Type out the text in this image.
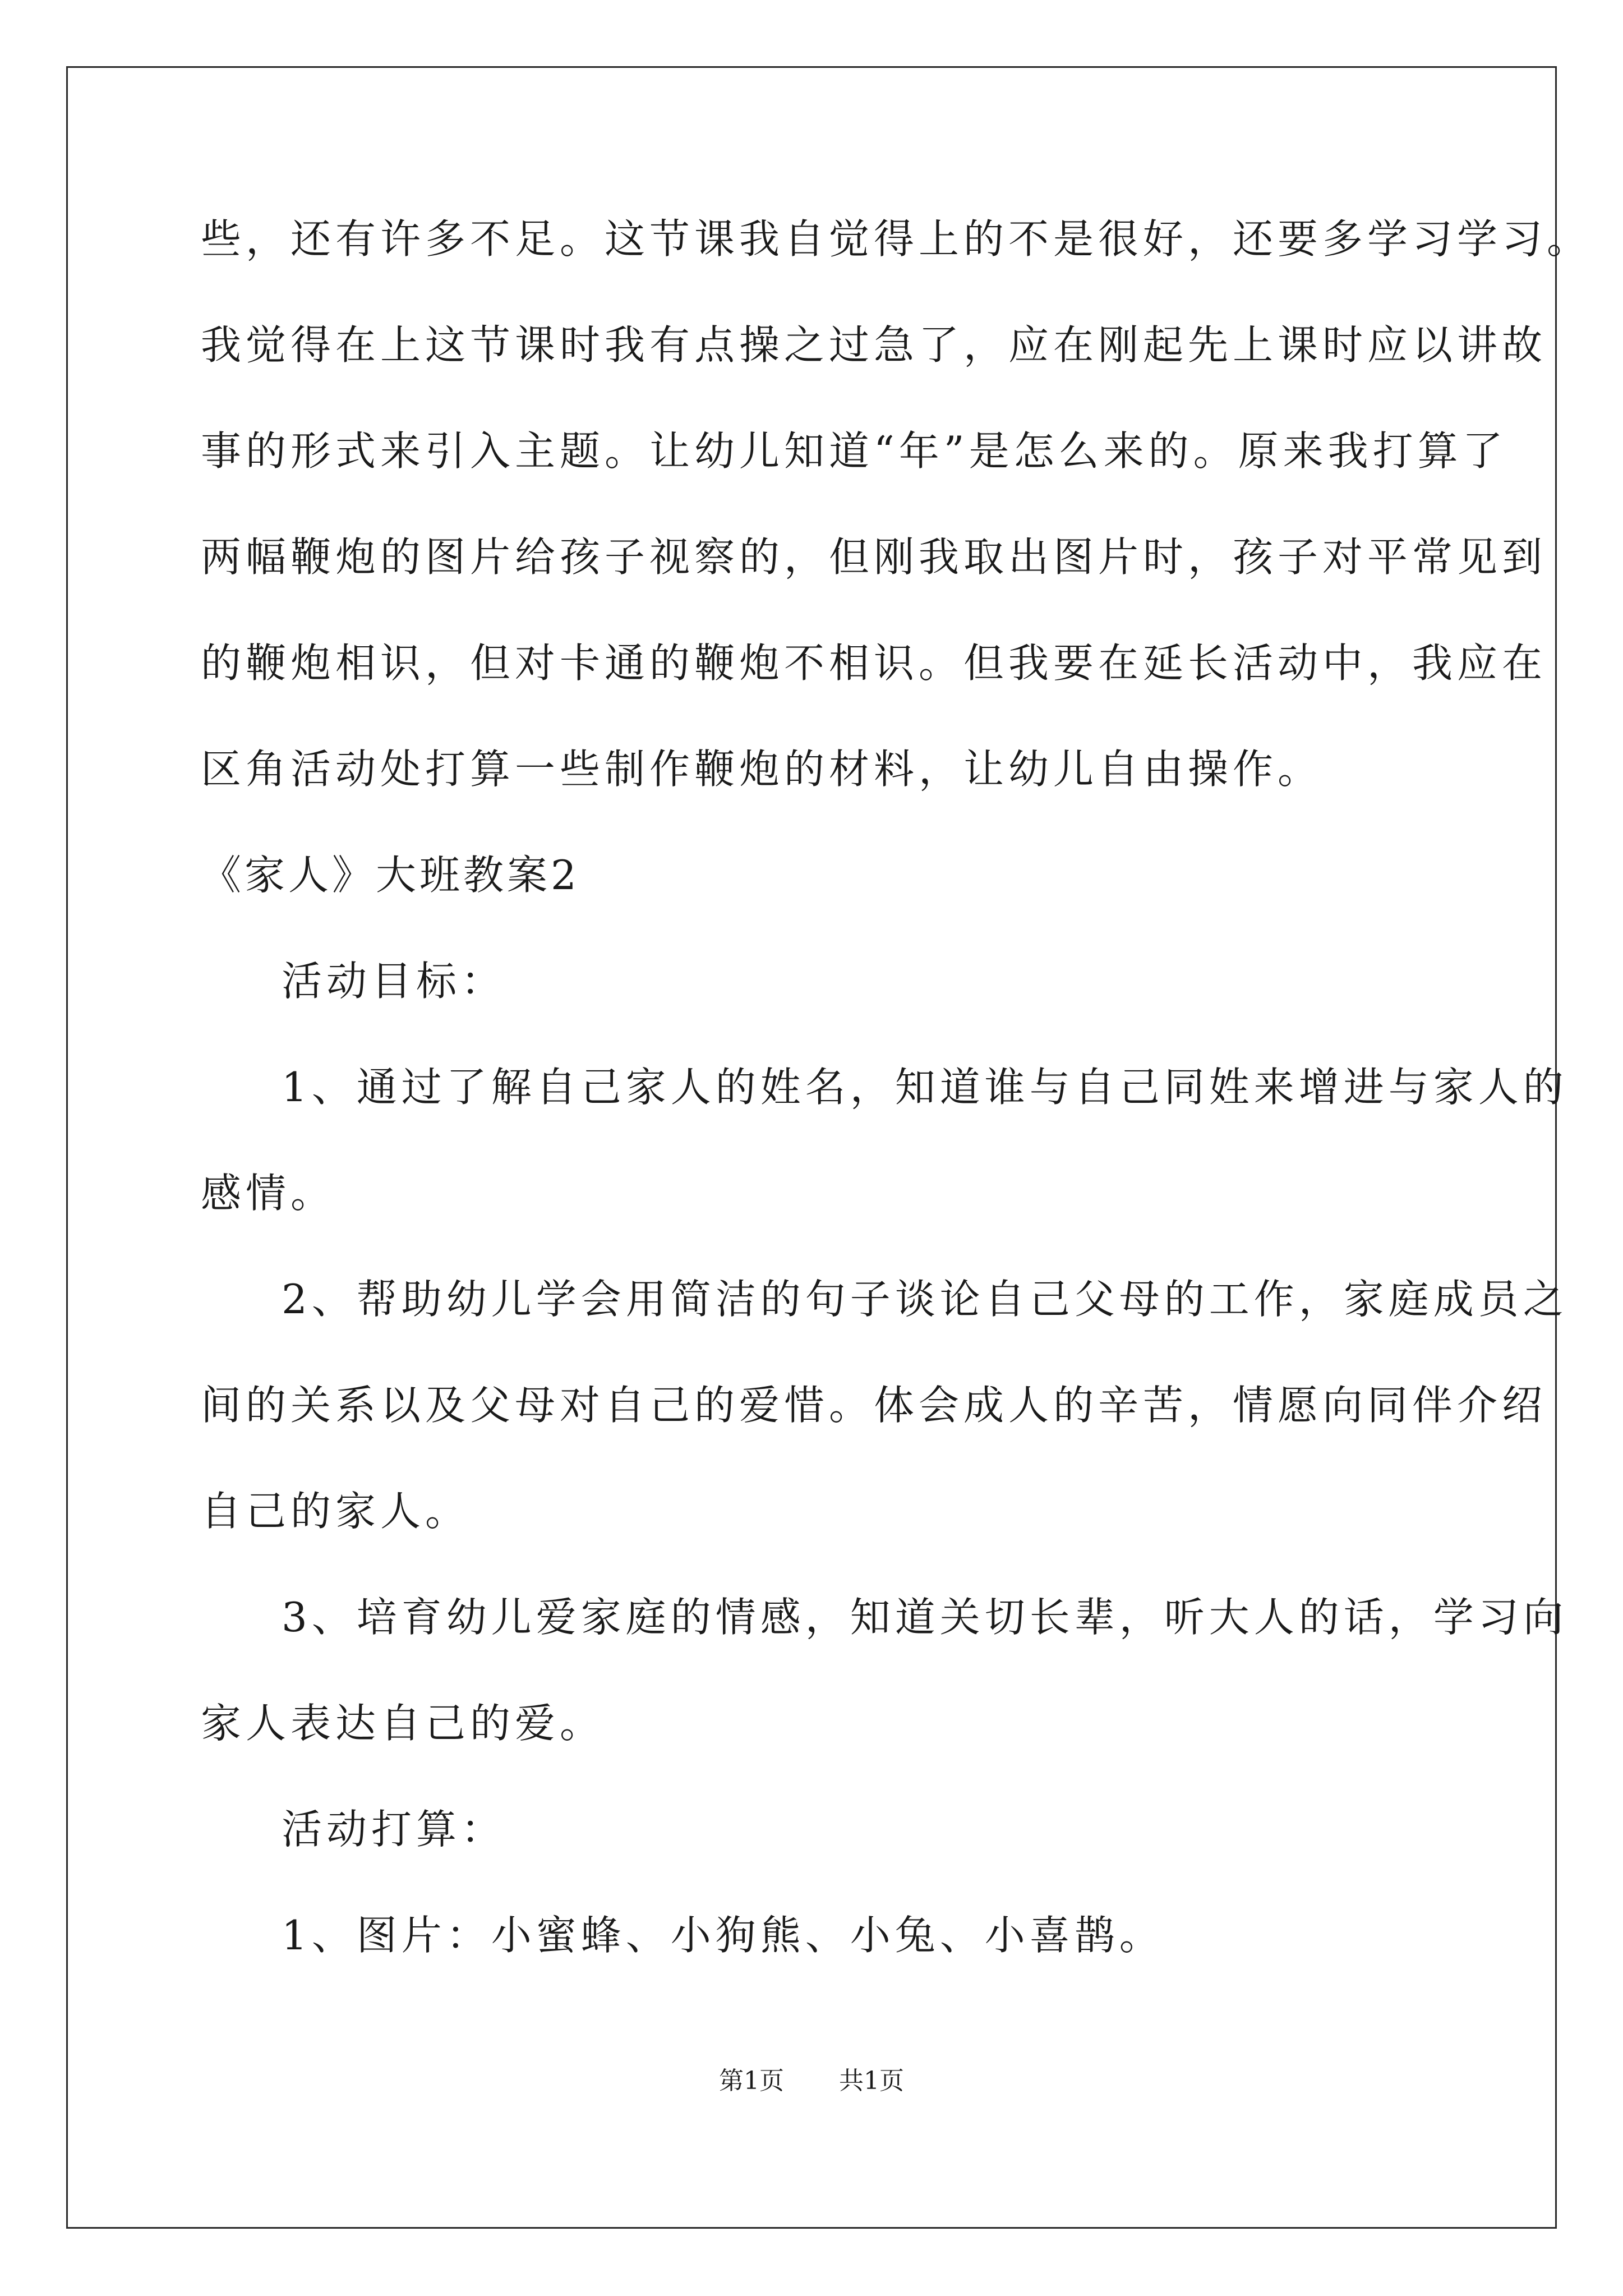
些，还有许多不足。这节课我自觉得上的不是很好，还要多学习学习。
我觉得在上这节课时我有点操之过急了，应在刚起先上课时应以讲故
事的形式来引入主题。让幼儿知道“年”是怎么来的。原来我打算了
两幅鞭炮的图片给孩子视察的，但刚我取出图片时，孩子对平常见到
的鞭炮相识，但对卡通的鞭炮不相识。但我要在延长活动中，我应在
区角活动处打算一些制作鞭炮的材料，让幼儿自由操作。
《家人》大班教案2
活动目标：
1、通过了解自己家人的姓名，知道谁与自己同姓来增进与家人的
感情。
2、帮助幼儿学会用简洁的句子谈论自己父母的工作，家庭成员之
间的关系以及父母对自己的爱惜。体会成人的辛苦，情愿向同伴介绍
自己的家人。
3、培育幼儿爱家庭的情感，知道关切长辈，听大人的话，学习向
家人表达自己的爱。
活动打算：
1、图片：小蜜蜂、小狗熊、小兔、小喜鹊。
第1页 共1页
